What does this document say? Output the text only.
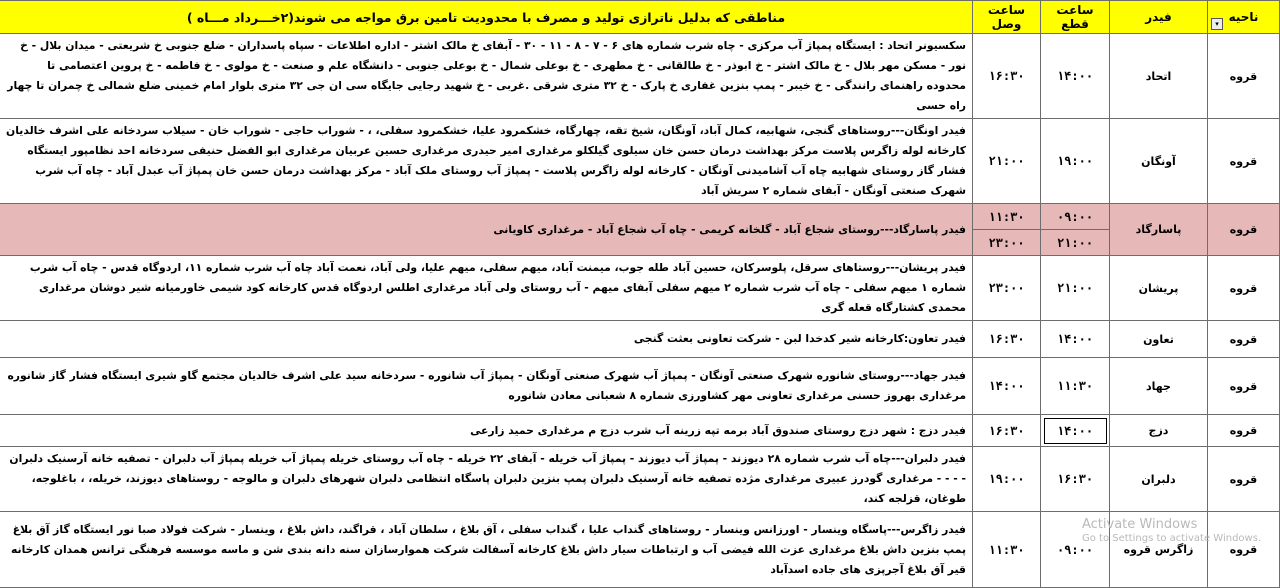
ناحیه
▾	فیدر	ساعت قطع	ساعت وصل	مناطقی که بدلیل ناترازی تولید و مصرف با محدودیت تامین برق مواجه می شوند(۲خـــرداد مـــاه )
قروه	اتحاد	۱۴:۰۰	۱۶:۳۰	سکسیونر اتحاد : ایستگاه پمپاژ آب مرکزی - چاه شرب شماره های ۶ - ۷ - ۸ - ۱۱ - ۳۰ - آبفای خ مالک اشتر - اداره اطلاعات - سپاه پاسداران - ضلع جنوبی خ شریعتی - میدان بلال - خ نور - مسکن مهر بلال - خ مالک اشتر - خ ابوذر - خ طالقانی - خ مطهری - خ بوعلی شمال - خ بوعلی جنوبی - دانشگاه علم و صنعت - خ مولوی - خ فاطمه - خ پروین اعتصامی تا محدوده راهنمای رانندگی - خ خیبر - پمپ بنزین غفاری خ پارک - خ ۳۲ متری شرقی .غربی - خ شهید رجایی جایگاه سی ان جی ۳۲ متری بلوار امام خمینی ضلع شمالی خ چمران تا چهار راه حسی
قروه	آونگان	۱۹:۰۰	۲۱:۰۰	فیدر اونگان---روستاهای گنجی، شهابیه، کمال آباد، آونگان، شیخ تقه، چهارگاه، خشکمرود علیا، خشکمرود سفلی، ، - شوراب حاجی - شوراب خان - سیلاب سردخانه علی اشرف خالدیان کارخانه لوله زاگرس پلاست مرکز بهداشت درمان حسن خان سیلوی گیلکلو مرغداری امیر حیدری مرغداری حسین عربیان مرغداری ابو الفضل حنیفی سردخانه احد نظامپور ایستگاه فشار گاز روستای شهابیه چاه آب آشامیدنی آونگان - کارخانه لوله زاگرس پلاست - پمپاژ آب روستای ملک آباد - مرکز بهداشت درمان حسن خان پمپاژ آب عبدل آباد - چاه آب شرب شهرک صنعتی آونگان - آبفای شماره ۲ سریش آباد
قروه	پاسارگاد	۰۹:۰۰	۱۱:۳۰	فیدر پاسارگاد---روستای شجاع آباد - گلخانه کریمی - چاه آب شجاع آباد - مرغداری کاویانی
		۲۱:۰۰	۲۳:۰۰	
قروه	پریشان	۲۱:۰۰	۲۳:۰۰	فیدر پریشان---روستاهای سرقل، پلوسرکان، حسین آباد طله جوب، میمنت آباد، میهم سفلی، میهم علیا، ولی آباد، نعمت آباد چاه آب شرب شماره ۱۱، اردوگاه قدس - چاه آب شرب شماره ۱ میهم سفلی - چاه آب شرب شماره ۲ میهم سفلی آبفای میهم - آب روستای ولی آباد مرغداری اطلس اردوگاه قدس کارخانه کود شیمی خاورمیانه شیر دوشان مرغداری محمدی کشتارگاه قعله گری
قروه	تعاون	۱۴:۰۰	۱۶:۳۰	فیدر تعاون:کارخانه شیر کدخدا لبن - شرکت تعاونی بعثت گنجی
قروه	جهاد	۱۱:۳۰	۱۴:۰۰	فیدر جهاد---روستای شانوره شهرک صنعتی آونگان - پمپاژ آب شهرک صنعتی آونگان - پمپاژ آب شانوره - سردخانه سید علی اشرف خالدیان مجتمع گاو شیری ایستگاه فشار گاز شانوره مرغداری بهروز حسنی مرغداری تعاونی مهر کشاورزی شماره ۸ شعبانی معادن شانوره
قروه	دزج	۱۴:۰۰	۱۶:۳۰	فیدر دزج : شهر دزج روستای صندوق آباد برمه تپه زرینه آب شرب دزج م مرغداری حمید زارعی
قروه	دلبران	۱۶:۳۰	۱۹:۰۰	فیدر دلبران---چاه آب شرب شماره ۲۸ دیوزند - پمپاژ آب دیوزند - پمپاژ آب خریله - آبفای ۲۲ خریله - چاه آب روستای خریله پمپاژ آب خریله پمپاژ آب دلبران - تصفیه خانه آرسنیک دلبران - - - - مرغداری گودرز عبیری مرغداری مژده تصفیه خانه آرسنیک دلبران پمپ بنزین دلبران پاسگاه انتظامی دلبران شهرهای دلبران و مالوجه - روستاهای دیوزند، خریله، ، باغلوجه، طوغان، قزلجه کند،
قروه	زاگرس قروه	۰۹:۰۰	۱۱:۳۰	فیدر زاگرس---پاسگاه وینسار - اورزانس وینسار - روستاهای گنداب علیا ، گنداب سفلی ، آق بلاغ ، سلطان آباد ، قراگند، داش بلاغ ، وینسار - شرکت فولاد صبا نور ایستگاه گاز آق بلاغ پمپ بنزین داش بلاغ مرغداری عزت الله فیضی آب و ارتباطات سیار داش بلاغ کارخانه آسفالت شرکت هموارسازان سنه دانه بندی شن و ماسه موسسه فرهنگی ترانس همدان کارخانه قیر آق بلاغ آجرپزی های جاده اسدآباد
Activate Windows
Go to Settings to activate Windows.
